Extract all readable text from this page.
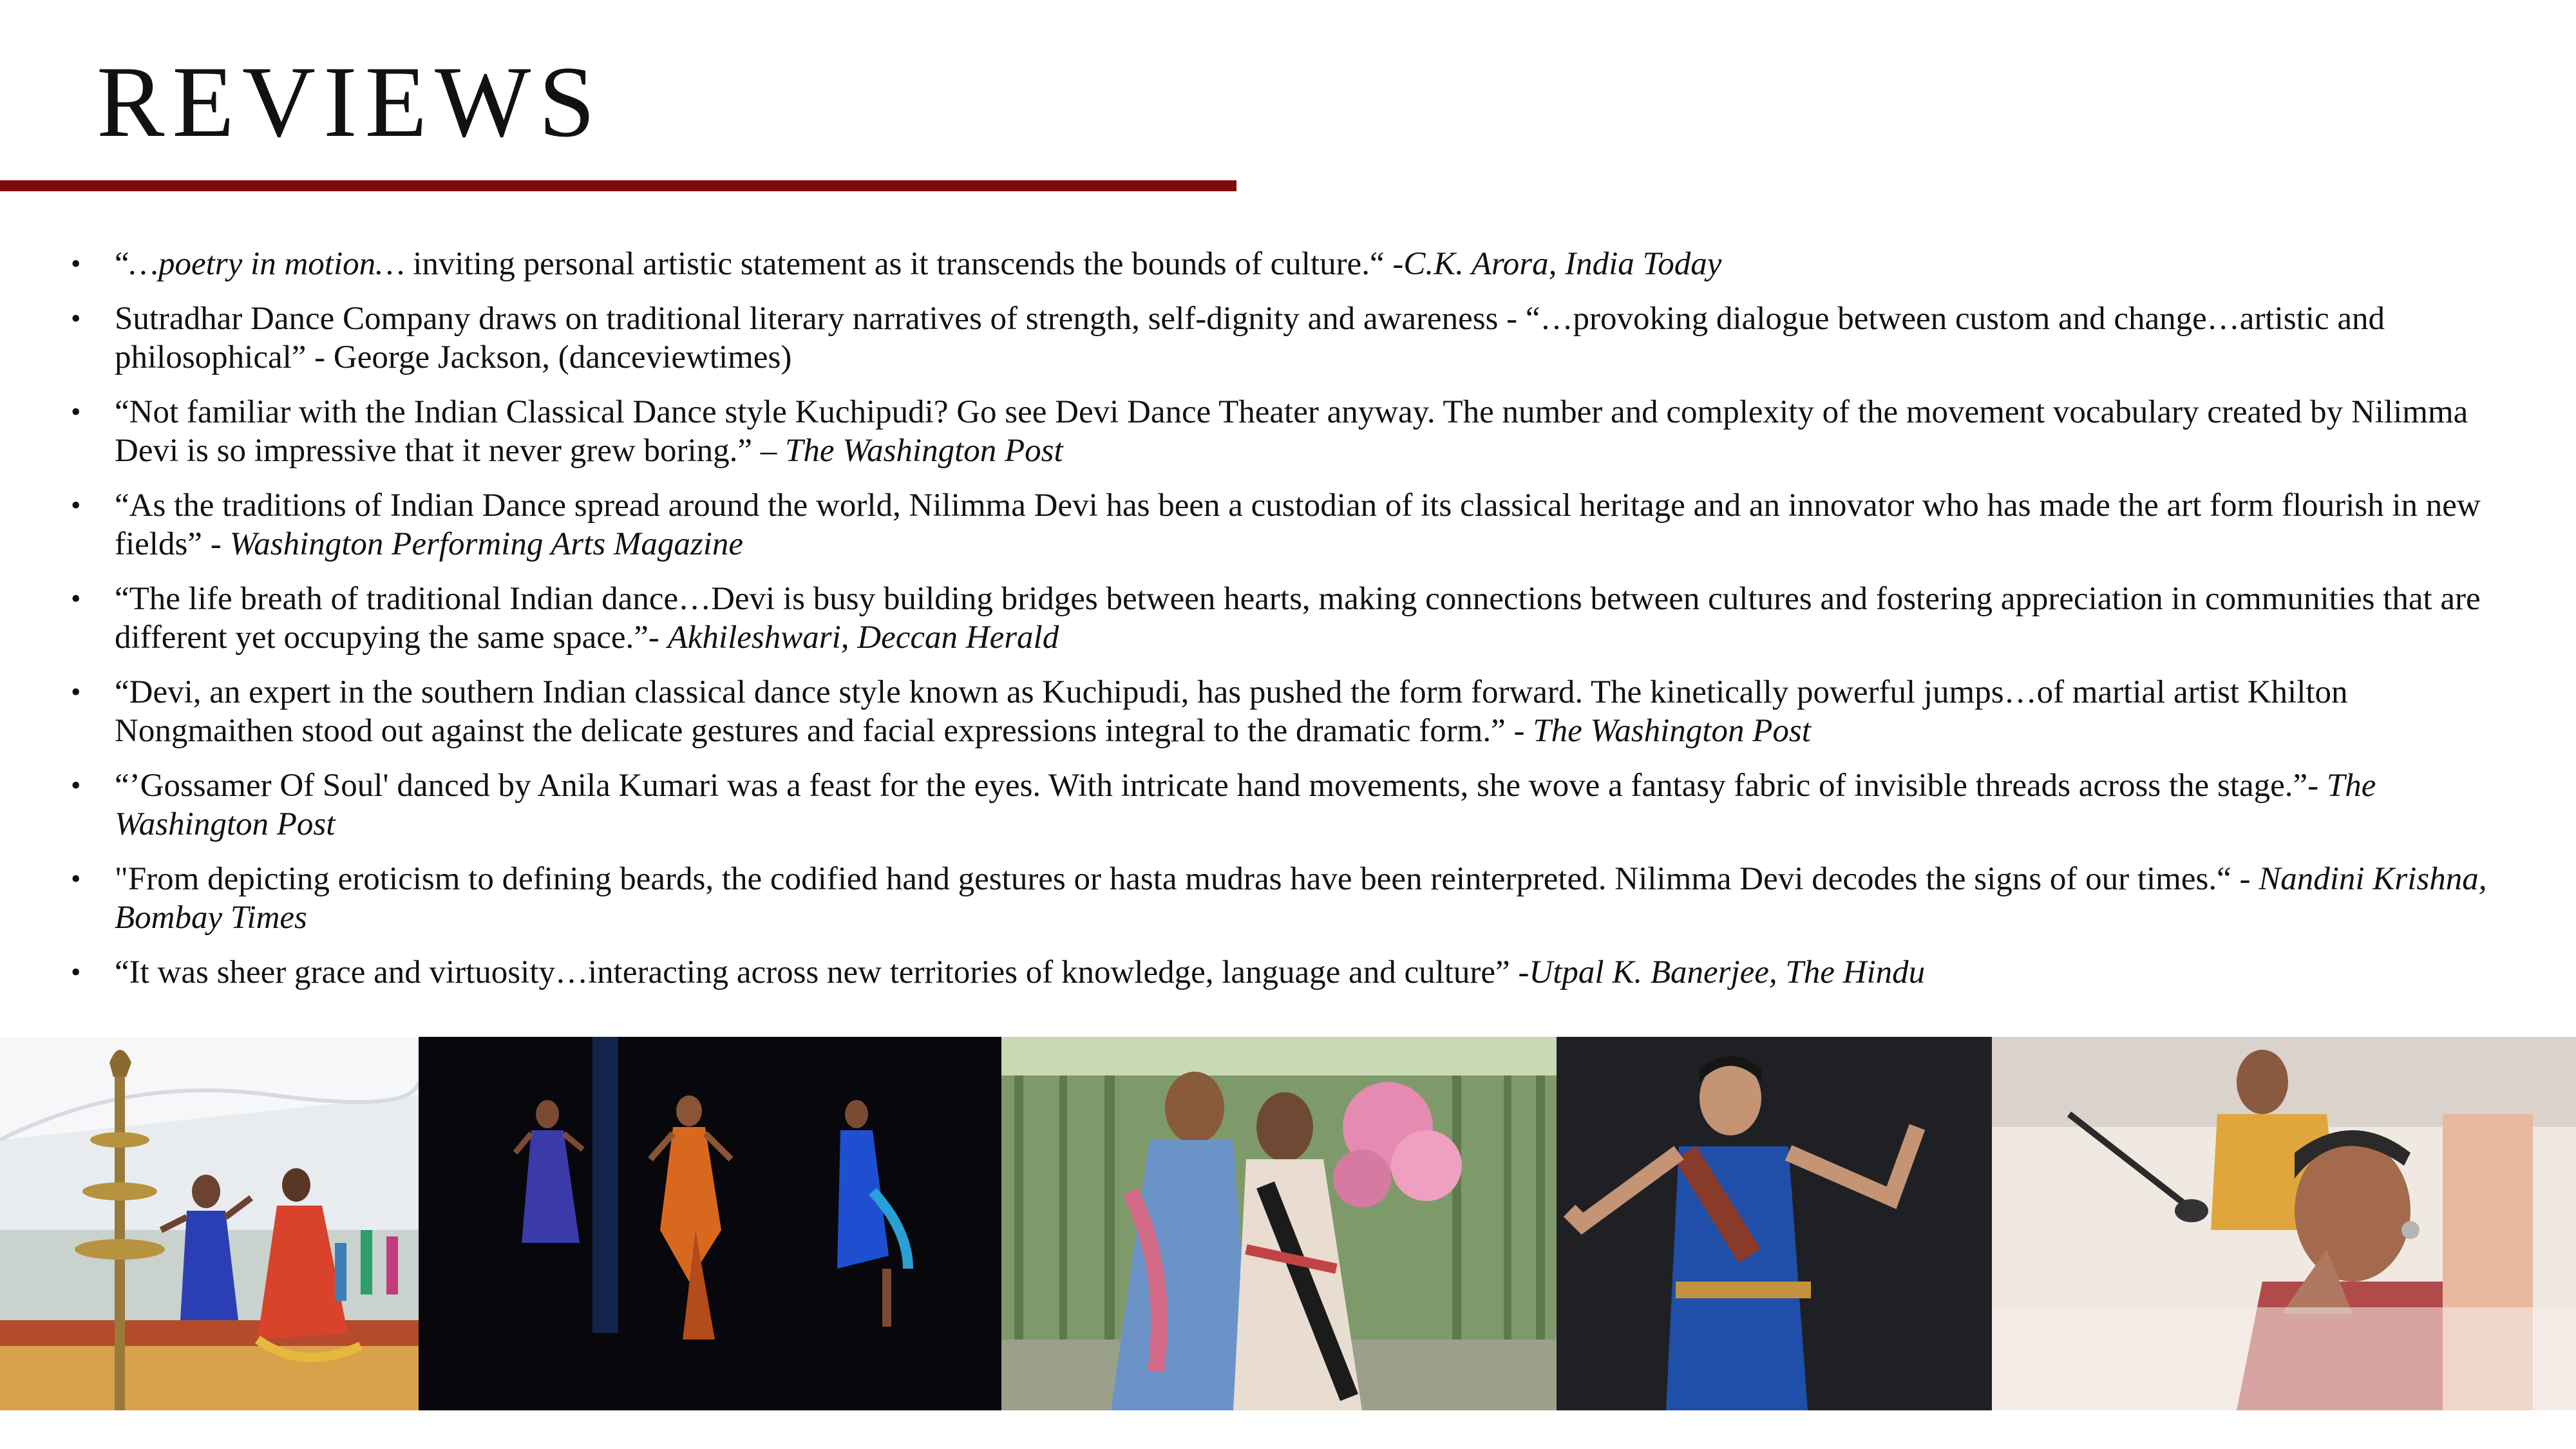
REVIEWS
•	“…poetry in motion… inviting personal artistic statement as it transcends the bounds of culture.“ -C.K. Arora, India Today
•	Sutradhar Dance Company draws on traditional literary narratives of strength, self-dignity and awareness - “…provoking dialogue between custom and change…artistic and philosophical” - George Jackson, (danceviewtimes)
•	“Not familiar with the Indian Classical Dance style Kuchipudi? Go see Devi Dance Theater anyway. The number and complexity of the movement vocabulary created by Nilimma Devi is so impressive that it never grew boring.” – The Washington Post
•	“As the traditions of Indian Dance spread around the world, Nilimma Devi has been a custodian of its classical heritage and an innovator who has made the art form flourish in new fields” - Washington Performing Arts Magazine
•	“The life breath of traditional Indian dance…Devi is busy building bridges between hearts, making connections between cultures and fostering appreciation in communities that are different yet occupying the same space.”- Akhileshwari, Deccan Herald
•	“Devi, an expert in the southern Indian classical dance style known as Kuchipudi, has pushed the form forward. The kinetically powerful jumps…of martial artist Khilton Nongmaithen stood out against the delicate gestures and facial expressions integral to the dramatic form.” - The Washington Post
•	“’Gossamer Of Soul' danced by Anila Kumari was a feast for the eyes. With intricate hand movements, she wove a fantasy fabric of invisible threads across the stage.”- The Washington Post
•	"From depicting eroticism to defining beards, the codified hand gestures or hasta mudras have been reinterpreted. Nilimma Devi decodes the signs of our times.“ - Nandini Krishna, Bombay Times
•	“It was sheer grace and virtuosity…interacting across new territories of knowledge, language and culture” -Utpal K. Banerjee, The Hindu
